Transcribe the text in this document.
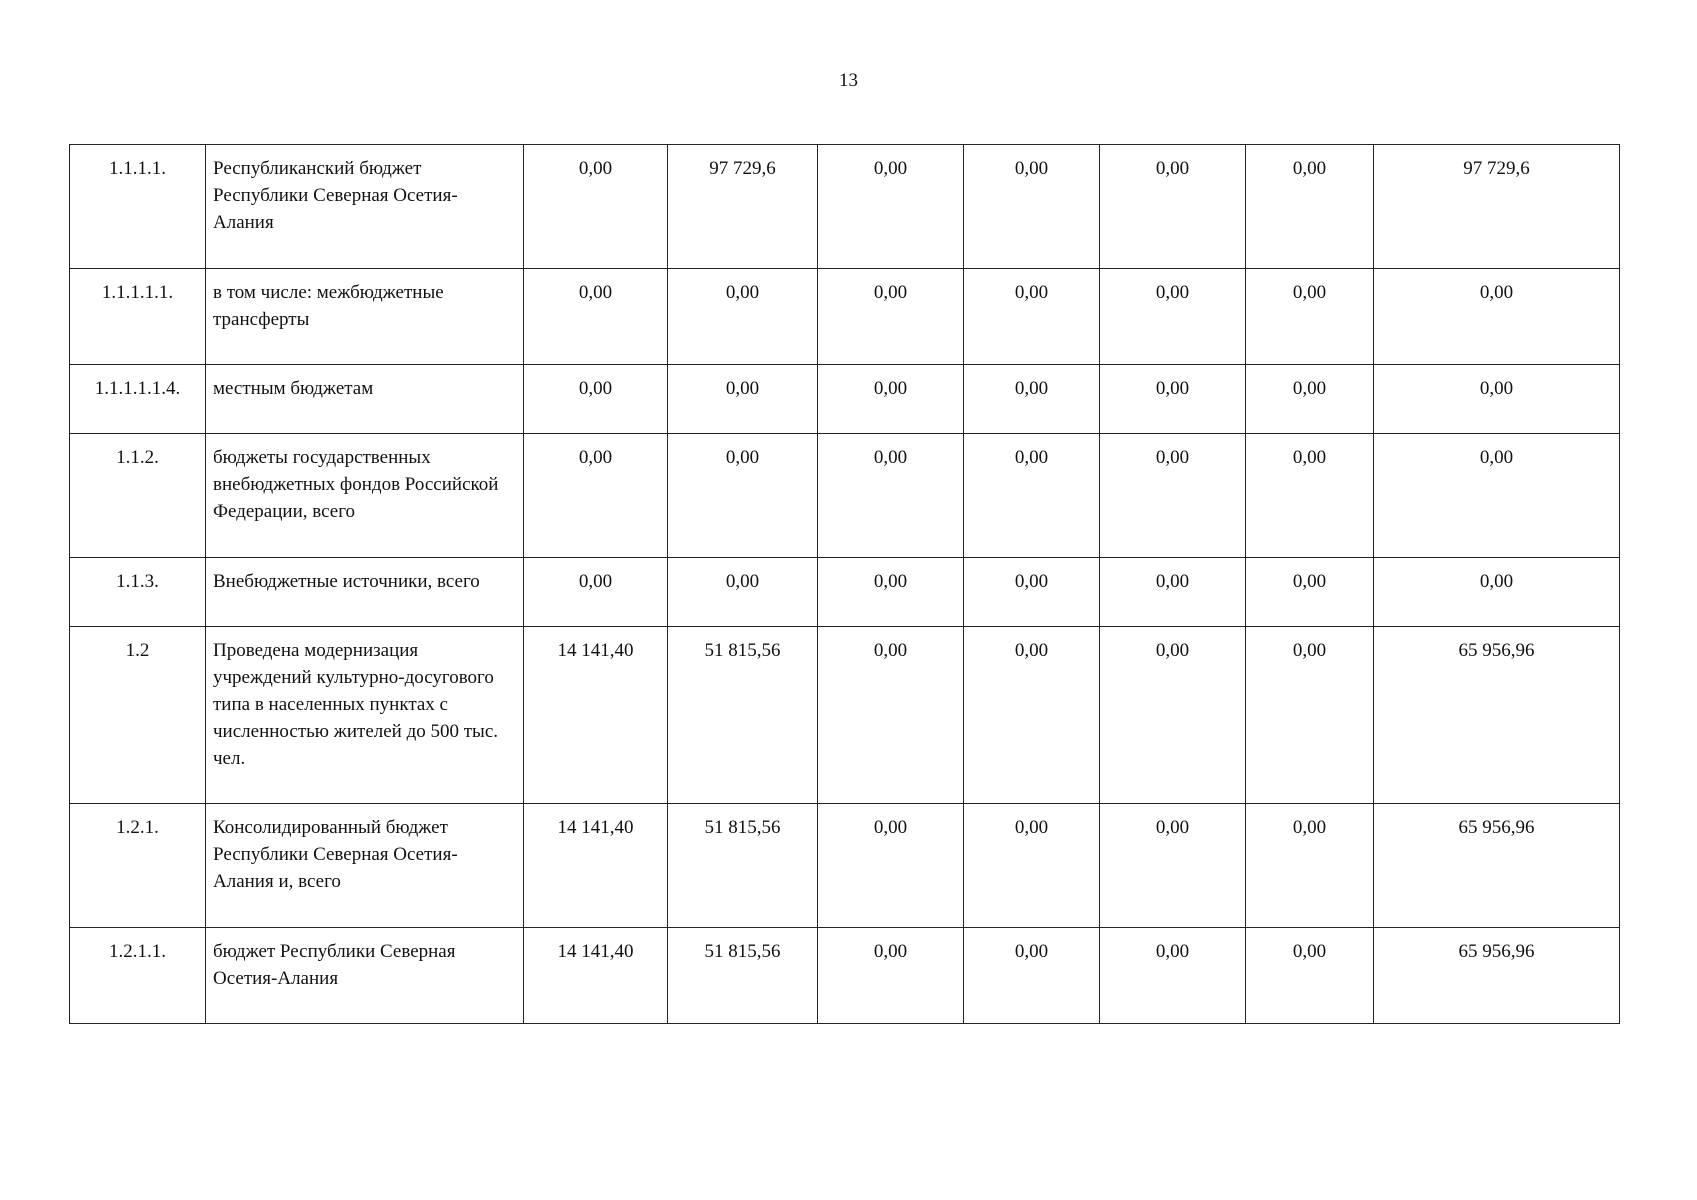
13
1.1.1.1.	Республиканский бюджет Республики Северная Осетия-Алания	0,00	97 729,6	0,00	0,00	0,00	0,00	97 729,6
1.1.1.1.1.	в том числе: межбюджетные трансферты	0,00	0,00	0,00	0,00	0,00	0,00	0,00
1.1.1.1.1.4.	местным бюджетам	0,00	0,00	0,00	0,00	0,00	0,00	0,00
1.1.2.	бюджеты государственных внебюджетных фондов Российской Федерации, всего	0,00	0,00	0,00	0,00	0,00	0,00	0,00
1.1.3.	Внебюджетные источники, всего	0,00	0,00	0,00	0,00	0,00	0,00	0,00
1.2	Проведена модернизация учреждений культурно-досугового типа в населенных пунктах с численностью жителей до 500 тыс. чел.	14 141,40	51 815,56	0,00	0,00	0,00	0,00	65 956,96
1.2.1.	Консолидированный бюджет Республики Северная Осетия-Алания и, всего	14 141,40	51 815,56	0,00	0,00	0,00	0,00	65 956,96
1.2.1.1.	бюджет Республики Северная Осетия-Алания	14 141,40	51 815,56	0,00	0,00	0,00	0,00	65 956,96
